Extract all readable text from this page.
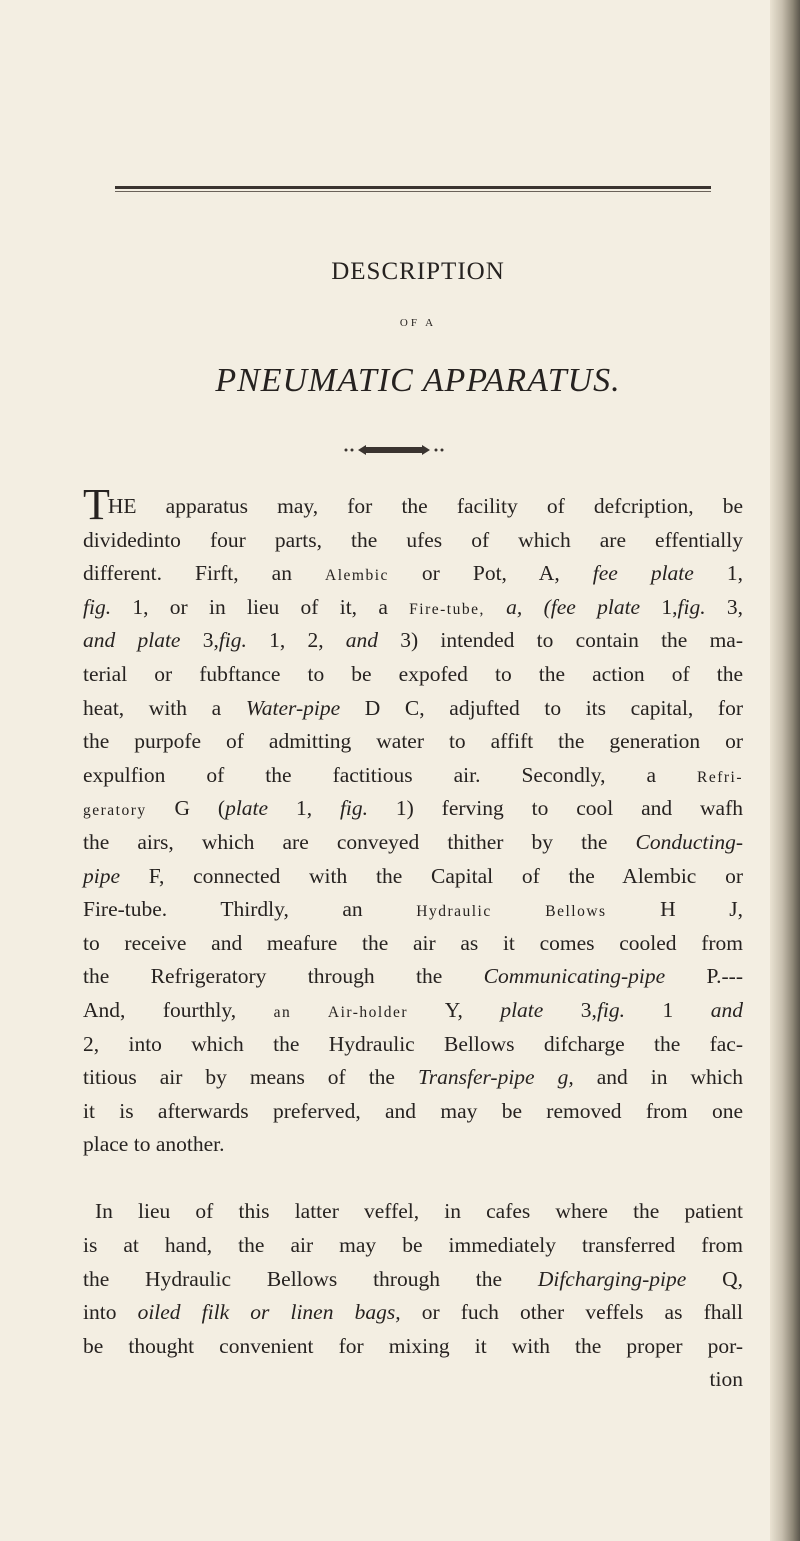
DESCRIPTION
OF A
PNEUMATIC APPARATUS.
THE apparatus may, for the facility of defcription, be
dividedinto four parts, the ufes of which are effentially
different. Firft, an Alembic or Pot, A, fee plate 1,
fig. 1, or in lieu of it, a Fire-tube, a, (fee plate 1,fig. 3,
and plate 3,fig. 1, 2, and 3) intended to contain the ma-
terial or fubftance to be expofed to the action of the
heat, with a Water-pipe D C, adjufted to its capital, for
the purpofe of admitting water to affift the generation or
expulfion of the factitious air. Secondly, a Refri-
geratory G (plate 1, fig. 1) ferving to cool and wafh
the airs, which are conveyed thither by the Conducting-
pipe F, connected with the Capital of the Alembic or
Fire-tube. Thirdly, an Hydraulic Bellows H J,
to receive and meafure the air as it comes cooled from
the Refrigeratory through the Communicating-pipe P.---
And, fourthly, an Air-holder Y, plate 3,fig. 1 and
2, into which the Hydraulic Bellows difcharge the fac-
titious air by means of the Transfer-pipe g, and in which
it is afterwards preferved, and may be removed from one
place to another.
In lieu of this latter veffel, in cafes where the patient
is at hand, the air may be immediately transferred from
the Hydraulic Bellows through the Difcharging-pipe Q,
into oiled filk or linen bags, or fuch other veffels as fhall
be thought convenient for mixing it with the proper por-
tion
